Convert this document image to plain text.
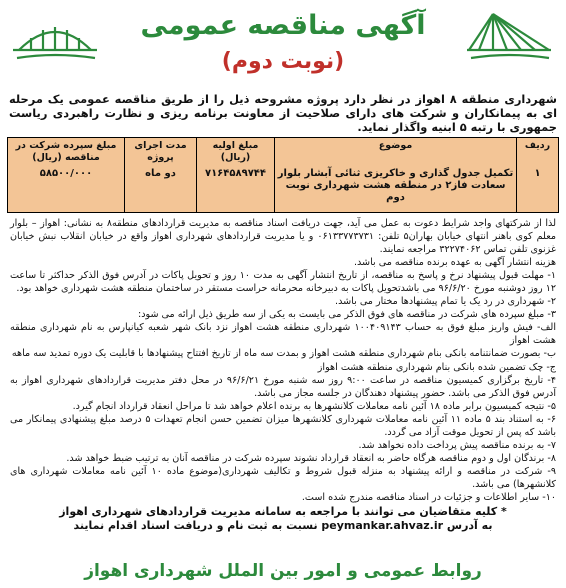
آگهی مناقصه عمومی
(نوبت دوم)
شهرداری منطقه ۸ اهواز در نظر دارد پروژه مشروحه ذیل را از طریق مناقصه عمومی یک مرحله ای به پیمانکاران و شرکت های دارای صلاحیت از معاونت برنامه ریزی و نظارت راهبردی ریاست جمهوری با رتبه ۵ ابنیه واگذار نماید.
ردیف
۱
موضوع
تکمیل جدول گذاری و خاکریزی ثنائی آبشار بلوار سعادت فاز۲ در منطقه هشت شهرداری نوبت دوم
مبلغ اولیه (ریال)
۷۱۶۴۵۸۹۷۴۴
مدت اجرای پروژه
دو ماه
مبلغ سپرده شرکت در مناقصه (ریال)
۵۸۵۰۰/۰۰۰

لذا از شرکتهای واجد شرایط دعوت به عمل می آید، جهت دریافت اسناد مناقصه به مدیریت قراردادهای منطقه۸ به نشانی: اهواز – بلوار معلم کوی باهنر انتهای خیابان بهاران۵ تلفن: ۰۶۱۳۳۷۷۳۷۳۱ و یا مدیریت قراردادهای شهرداری اهواز واقع در خیابان انقلاب نبش خیابان غزنوی تلفن تماس ۳۲۲۷۴۰۶۲ مراجعه نمایند.

هزینه انتشار آگهی به عهده برنده مناقصه می باشد.

۱- مهلت قبول پیشنهاد نرخ و پاسخ به مناقصه، از تاریخ انتشار آگهی به مدت ۱۰ روز و تحویل پاکات در آدرس فوق الذکر حداکثر تا ساعت ۱۲ روز دوشنبه مورخ ۹۶/۶/۲۰ می باشدتحویل پاکات به دبیرخانه محرمانه حراست مستقر در ساختمان منطقه هشت شهرداری خواهد بود.

۲- شهرداری در رد یک یا تمام پیشنهادها مختار می باشد.

۳- مبلغ سپرده های شرکت در مناقصه های فوق الذکر می بایست به یکی از سه طریق ذیل ارائه می شود:

الف- فیش واریز مبلغ فوق به حساب ۱۰۰۴۰۹۱۴۳ شهرداری منطقه هشت اهواز نزد بانک شهر شعبه کیانپارس به نام شهرداری منطقه هشت اهواز

ب- بصورت ضمانتنامه بانکی بنام شهرداری منطقه هشت اهواز و بمدت سه ماه از تاریخ افتتاح پیشنهادها با قابلیت یک دوره تمدید سه ماهه

ج- چک تضمین شده بانکی بنام شهرداری منطقه هشت اهواز

۴- تاریخ برگزاری کمیسیون مناقصه در ساعت ۹:۰۰ روز سه شنبه مورخ ۹۶/۶/۲۱ در محل دفتر مدیریت قراردادهای شهرداری اهواز به آدرس فوق الذکر می باشد. حضور پیشنهاد دهندگان در جلسه مجاز می باشد.

۵- نتیجه کمیسیون برابر ماده ۱۸ آئین نامه معاملات کلانشهرها به برنده اعلام خواهد شد تا مراحل انعقاد قرارداد انجام گیرد.

۶- به استناد بند ۵ ماده ۱۱ آئین نامه معاملات شهرداری کلانشهرها میزان تضمین حسن انجام تعهدات ۵ درصد مبلغ پیشنهادی پیمانکار می باشد که پس از تحویل موقت آزاد می گردد.

۷- به برنده مناقصه پیش پرداخت داده نخواهد شد.

۸- برندگان اول و دوم مناقصه هرگاه حاضر به انعقاد قرارداد نشوند سپرده شرکت در مناقصه آنان به ترتیب ضبط خواهد شد.

۹- شرکت در مناقصه و ارائه پیشنهاد به منزله قبول شروط و تکالیف شهرداری(موضوع ماده ۱۰ آئین نامه معاملات شهرداری های کلانشهرها) می باشد.

۱۰- سایر اطلاعات و جزئیات در اسناد مناقصه مندرج شده است.

* کلیه متقاضیان می توانند با مراجعه به سامانه مدیریت قراردادهای شهرداری اهواز
به آدرس peymankar.ahvaz.ir نسبت به ثبت نام و دریافت اسناد اقدام نمایند
روابط عمومی و امور بین الملل شهرداری اهواز
